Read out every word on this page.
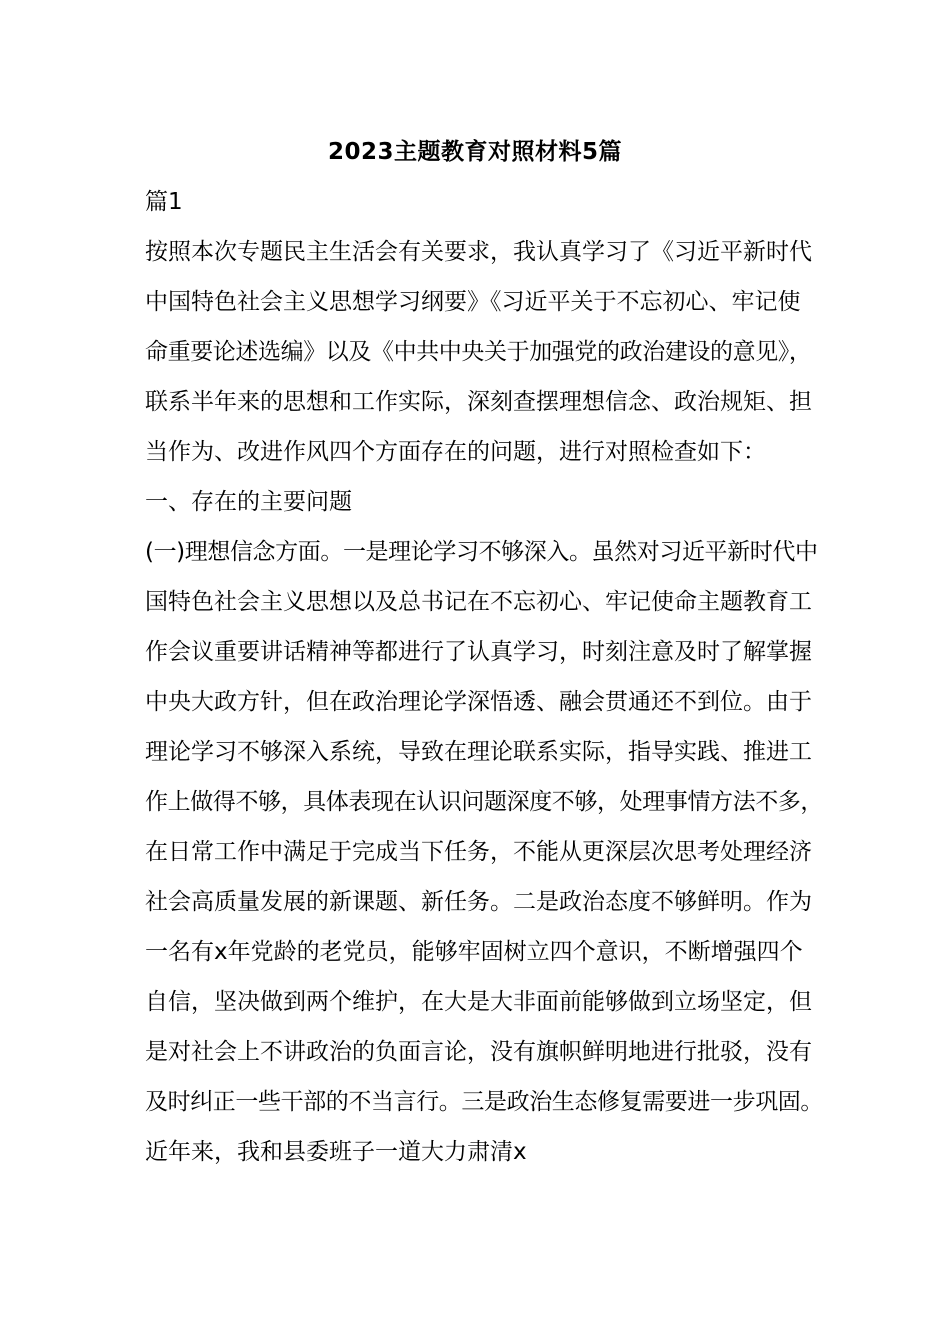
2023主题教育对照材料5篇
篇1
按照本次专题民主生活会有关要求，我认真学习了《习近平新时代
中国特色社会主义思想学习纲要》《习近平关于不忘初心、牢记使
命重要论述选编》以及《中共中央关于加强党的政治建设的意见》，
联系半年来的思想和工作实际，深刻查摆理想信念、政治规矩、担
当作为、改进作风四个方面存在的问题，进行对照检查如下：
一、存在的主要问题
(一)理想信念方面。一是理论学习不够深入。虽然对习近平新时代中
国特色社会主义思想以及总书记在不忘初心、牢记使命主题教育工
作会议重要讲话精神等都进行了认真学习，时刻注意及时了解掌握
中央大政方针，但在政治理论学深悟透、融会贯通还不到位。由于
理论学习不够深入系统，导致在理论联系实际，指导实践、推进工
作上做得不够，具体表现在认识问题深度不够，处理事情方法不多，
在日常工作中满足于完成当下任务，不能从更深层次思考处理经济
社会高质量发展的新课题、新任务。二是政治态度不够鲜明。作为
一名有x年党龄的老党员，能够牢固树立四个意识，不断增强四个
自信，坚决做到两个维护，在大是大非面前能够做到立场坚定，但
是对社会上不讲政治的负面言论，没有旗帜鲜明地进行批驳，没有
及时纠正一些干部的不当言行。三是政治生态修复需要进一步巩固。
近年来，我和县委班子一道大力肃清x
